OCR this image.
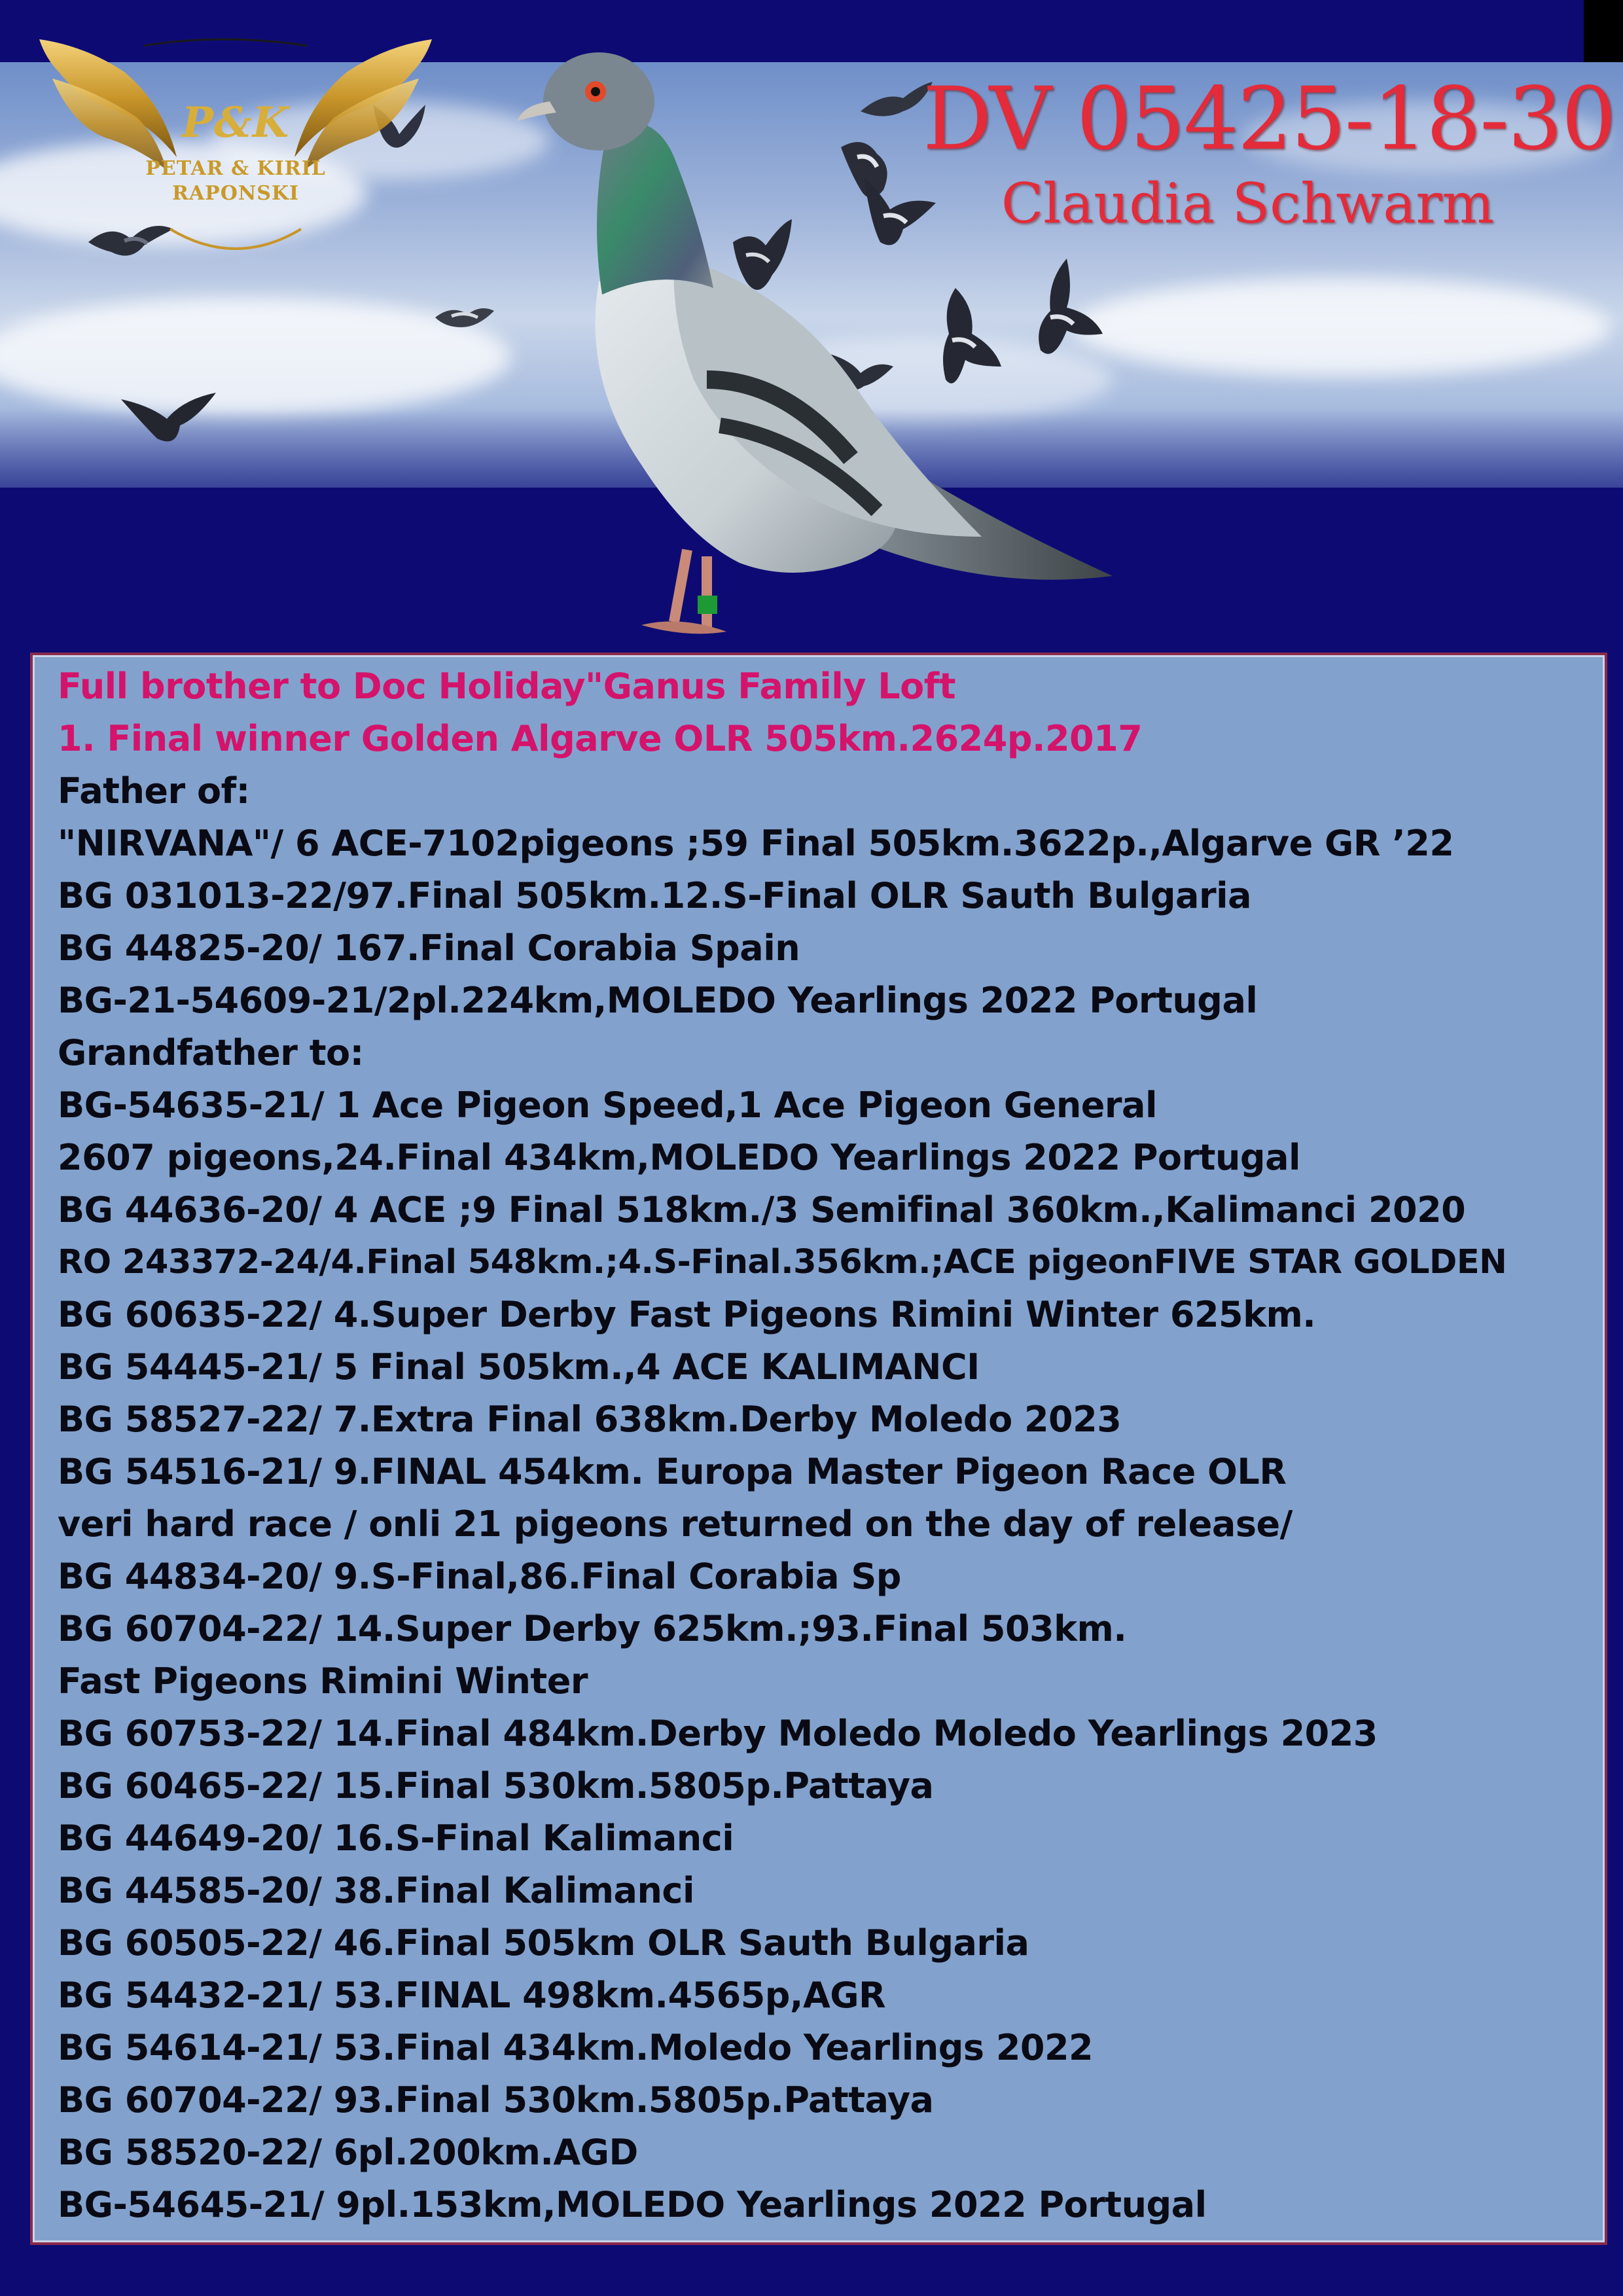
P&K
PETAR & KIRIL
RAPONSKI
DV 05425-18-30
Claudia Schwarm
Full brother to Doc Holiday"Ganus Family Loft
1. Final winner Golden Algarve OLR 505km.2624p.2017
Father of:
"NIRVANA"/ 6 ACE-7102pigeons ;59 Final 505km.3622p.,Algarve GR ’22
BG 031013-22/97.Final 505km.12.S-Final OLR Sauth Bulgaria
BG 44825-20/ 167.Final Corabia Spain
BG-21-54609-21/2pl.224km,MOLEDO Yearlings 2022 Portugal
Grandfather to:
BG-54635-21/ 1 Ace Pigeon Speed,1 Ace Pigeon General
2607 pigeons,24.Final 434km,MOLEDO Yearlings 2022 Portugal
BG 44636-20/ 4 ACE ;9 Final 518km./3 Semifinal 360km.,Kalimanci 2020
RO 243372-24/4.Final 548km.;4.S-Final.356km.;ACE pigeonFIVE STAR GOLDEN
BG 60635-22/ 4.Super Derby Fast Pigeons Rimini Winter 625km.
BG 54445-21/ 5 Final 505km.,4 ACE KALIMANCI
BG 58527-22/ 7.Extra Final 638km.Derby Moledo 2023
BG 54516-21/ 9.FINAL 454km. Europa Master Pigeon Race OLR
veri hard race / onli 21 pigeons returned on the day of release/
BG 44834-20/ 9.S-Final,86.Final Corabia Sp
BG 60704-22/ 14.Super Derby 625km.;93.Final 503km.
Fast Pigeons Rimini Winter
BG 60753-22/ 14.Final 484km.Derby Moledo Moledo Yearlings 2023
BG 60465-22/ 15.Final 530km.5805p.Pattaya
BG 44649-20/ 16.S-Final Kalimanci
BG 44585-20/ 38.Final Kalimanci
BG 60505-22/ 46.Final 505km OLR Sauth Bulgaria
BG 54432-21/ 53.FINAL 498km.4565p,AGR
BG 54614-21/ 53.Final 434km.Moledo Yearlings 2022
BG 60704-22/ 93.Final 530km.5805p.Pattaya
BG 58520-22/ 6pl.200km.AGD
BG-54645-21/ 9pl.153km,MOLEDO Yearlings 2022 Portugal
